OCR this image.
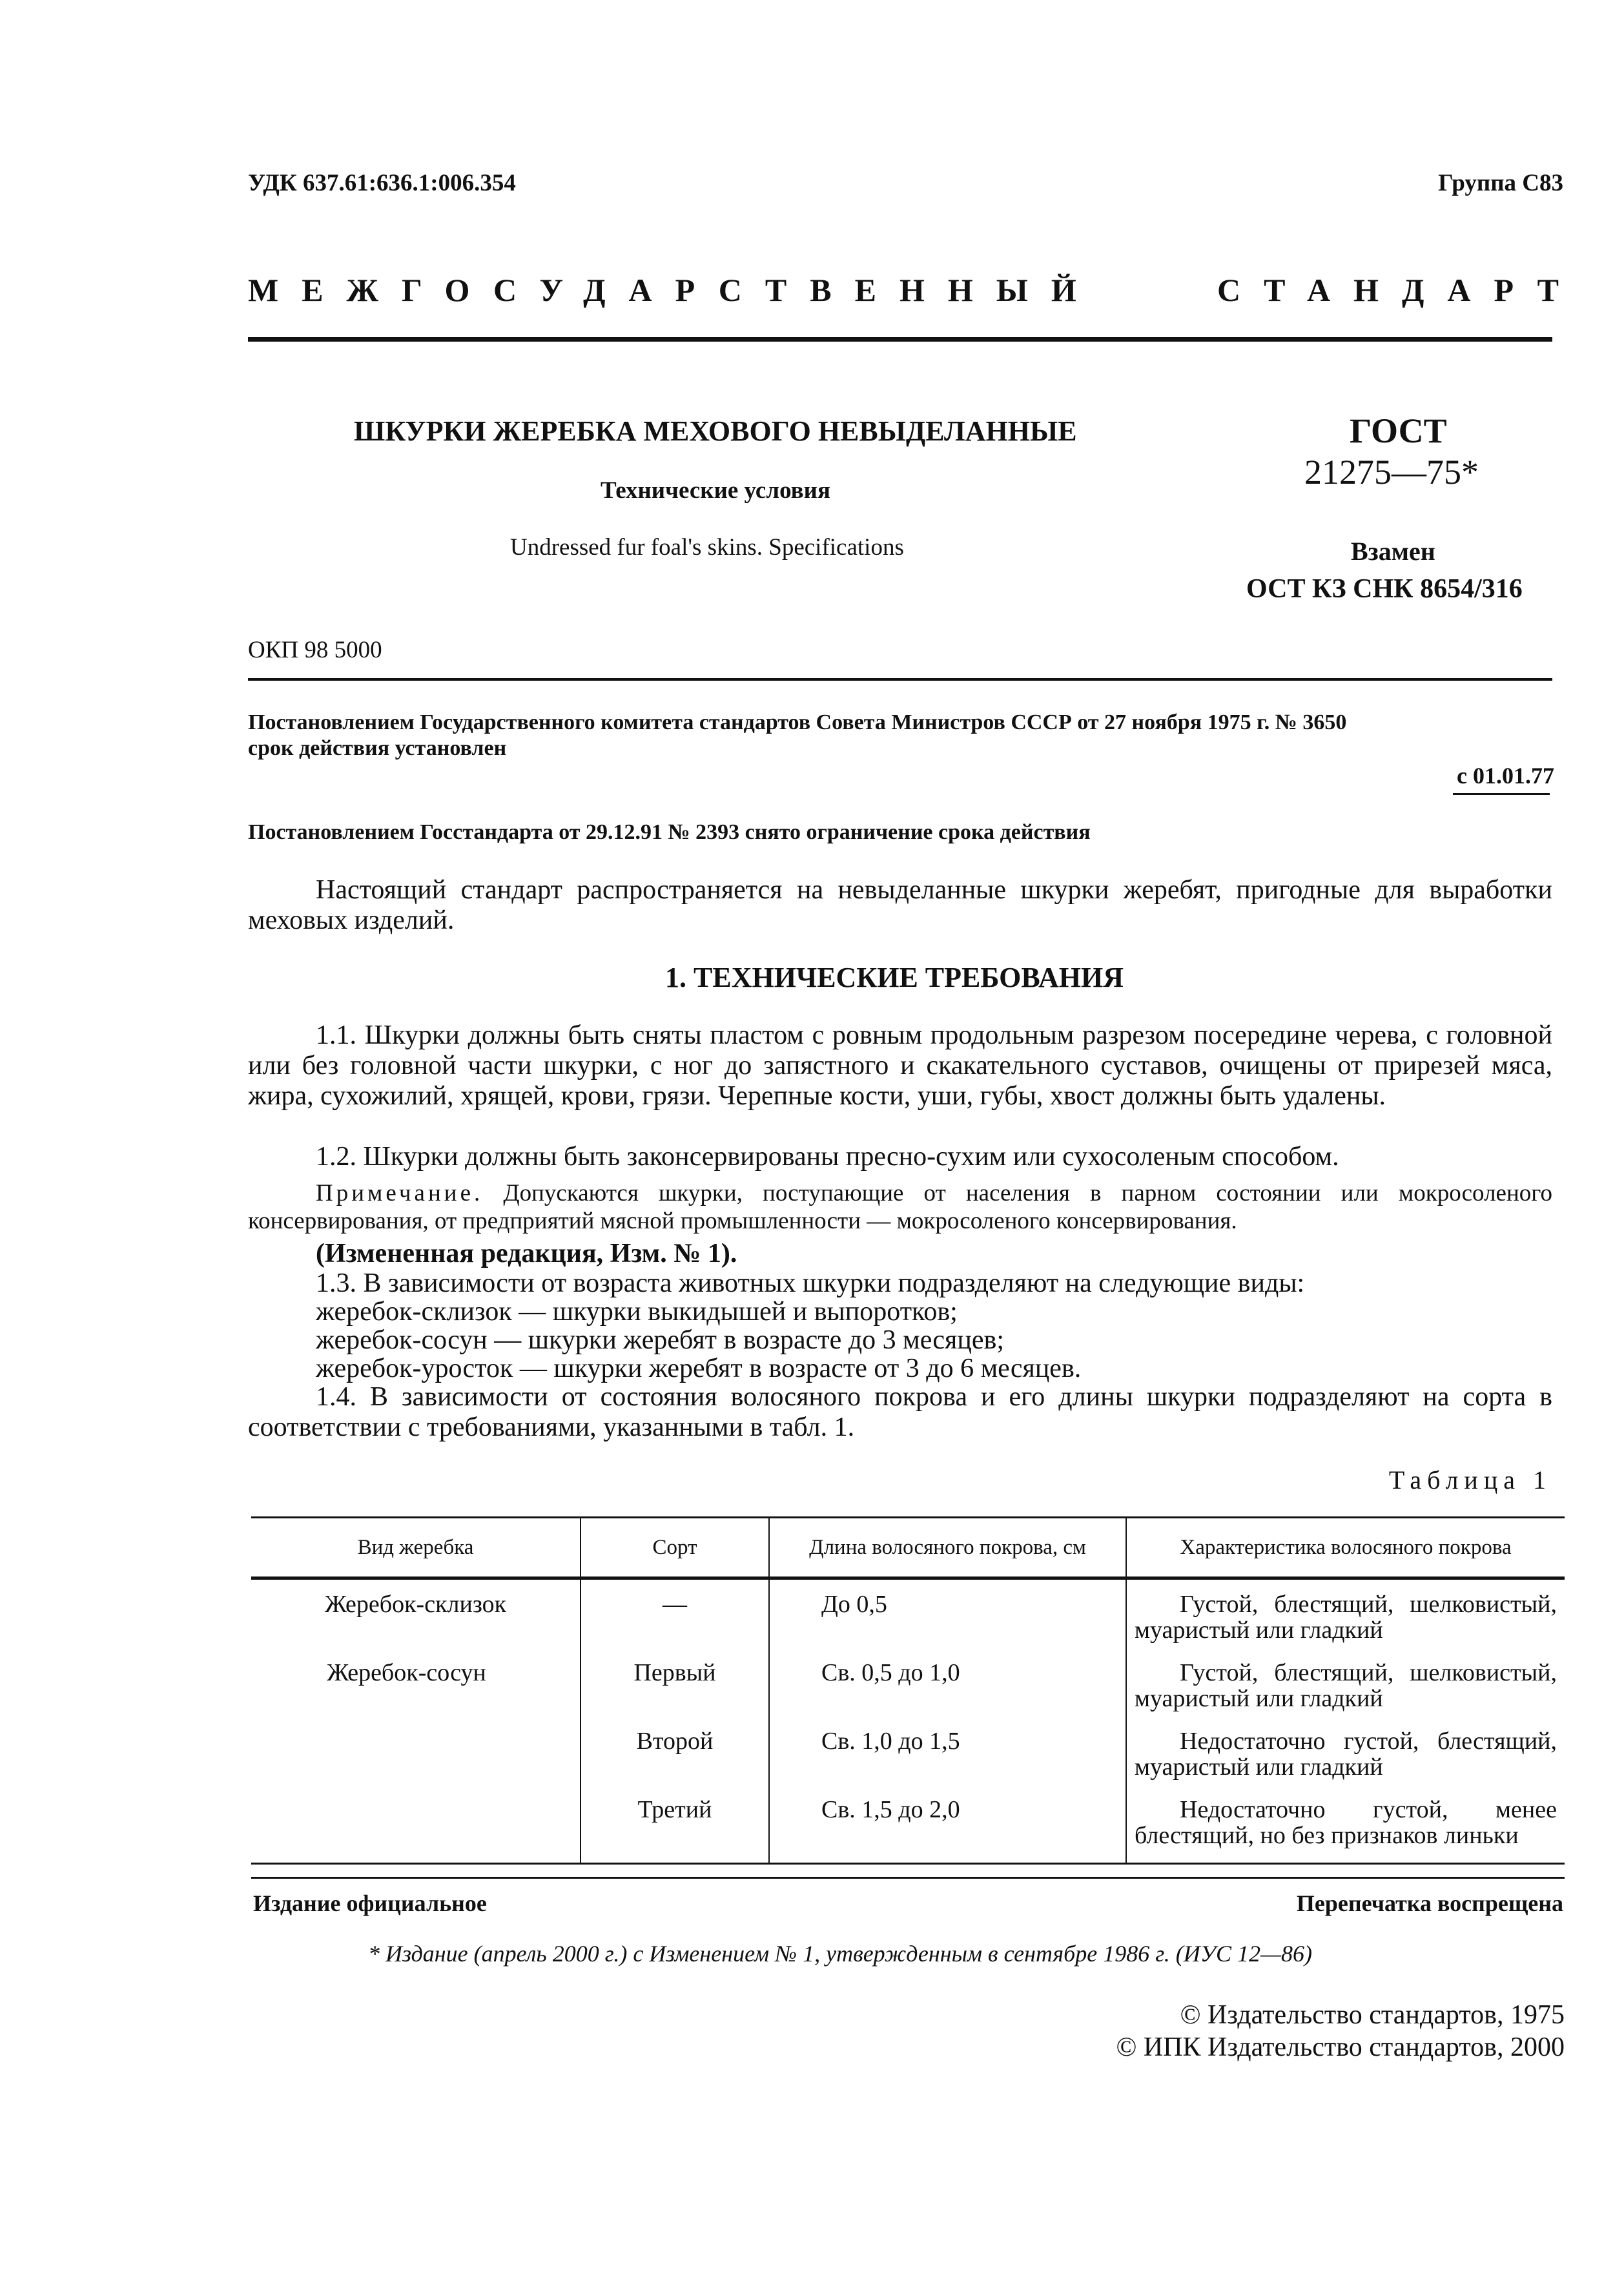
УДК 637.61:636.1:006.354	Группа С83
МЕЖГОСУДАРСТВЕННЫЙ	СТАНДАРТ
ШКУРКИ ЖЕРЕБКА МЕХОВОГО НЕВЫДЕЛАННЫЕ
Технические условия
Undressed fur foal's skins. Specifications
ГОСТ
21275—75*
Взамен
ОСТ КЗ СНК 8654/316
ОКП 98 5000
Постановлением Государственного комитета стандартов Совета Министров СССР от 27 ноября 1975 г. № 3650
срок действия установлен
с 01.01.77
Постановлением Госстандарта от 29.12.91 № 2393 снято ограничение срока действия

Настоящий стандарт распространяется на невыделанные шкурки жеребят, пригодные для выработки меховых изделий.

1. ТЕХНИЧЕСКИЕ ТРЕБОВАНИЯ

1.1. Шкурки должны быть сняты пластом с ровным продольным разрезом посередине черева, с головной или без головной части шкурки, с ног до запястного и скакательного суставов, очищены от прирезей мяса, жира, сухожилий, хрящей, крови, грязи. Черепные кости, уши, губы, хвост должны быть удалены.

1.2. Шкурки должны быть законсервированы пресно-сухим или сухосоленым способом.

Примечание. Допускаются шкурки, поступающие от населения в парном состоянии или мокросоленого консервирования, от предприятий мясной промышленности — мокросоленого консервирования.

(Измененная редакция, Изм. № 1).

1.3. В зависимости от возраста животных шкурки подразделяют на следующие виды:

жеребок-склизок — шкурки выкидышей и выпоротков;
жеребок-сосун — шкурки жеребят в возрасте до 3 месяцев;
жеребок-уросток — шкурки жеребят в возрасте от 3 до 6 месяцев.

1.4. В зависимости от состояния волосяного покрова и его длины шкурки подразделяют на сорта в соответствии с требованиями, указанными в табл. 1.

Таблица 1
Вид жеребка	Сорт	Длина волосяного покрова, см	Характеристика волосяного покрова
Жеребок-склизок	—	До 0,5	Густой, блестящий, шелковистый, муаристый или гладкий
Жеребок-сосун	Первый	Св. 0,5 до 1,0	Густой, блестящий, шелковистый, муаристый или гладкий
	Второй	Св. 1,0 до 1,5	Недостаточно густой, блестящий, муаристый или гладкий
	Третий	Св. 1,5 до 2,0	Недостаточно густой, менее блестящий, но без признаков линьки
Издание официальное	Перепечатка воспрещена
* Издание (апрель 2000 г.) с Изменением № 1, утвержденным в сентябре 1986 г. (ИУС 12—86)
© Издательство стандартов, 1975
© ИПК Издательство стандартов, 2000
